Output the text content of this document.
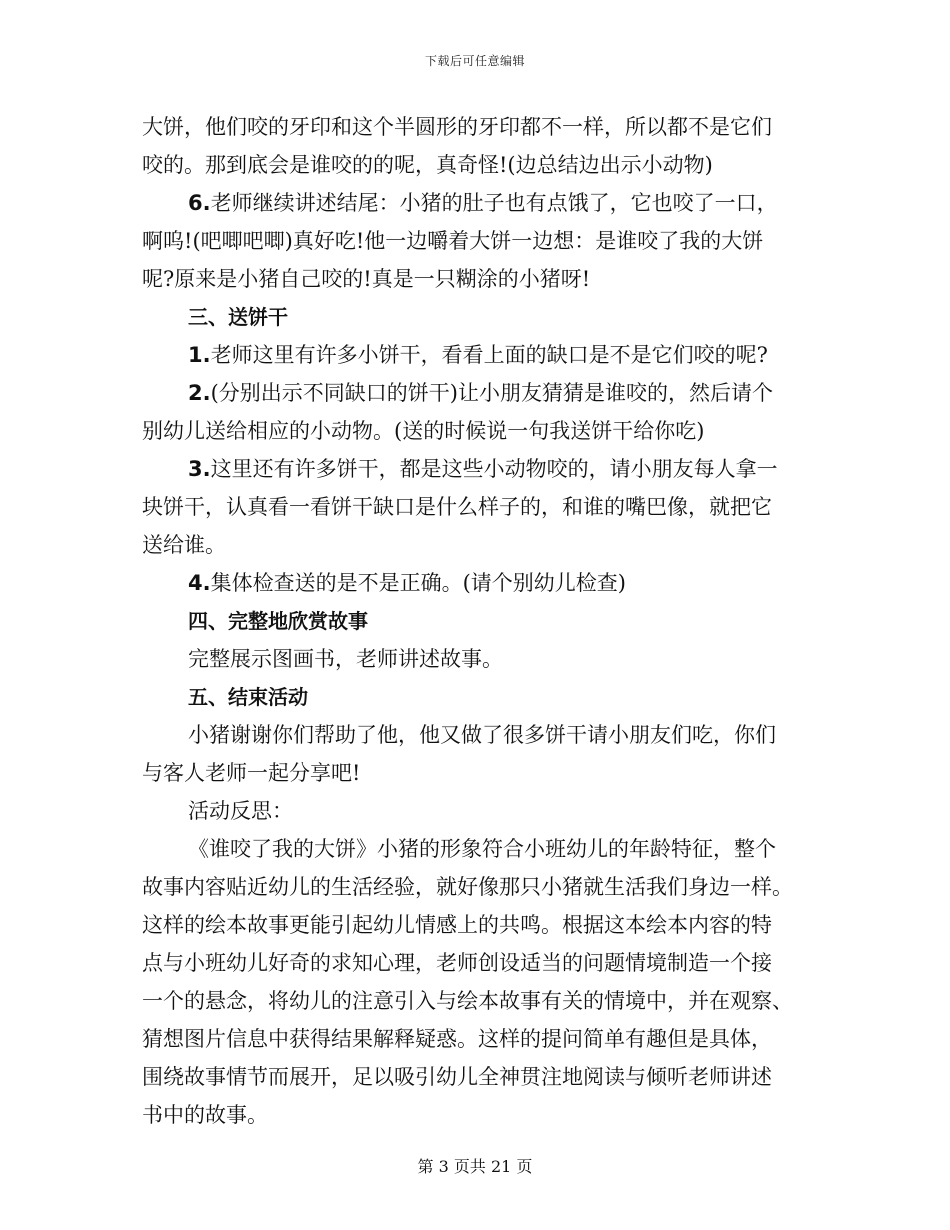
下载后可任意编辑
大饼，他们咬的牙印和这个半圆形的牙印都不一样，所以都不是它们
咬的。那到底会是谁咬的的呢，真奇怪!(边总结边出示小动物)
6.老师继续讲述结尾：小猪的肚子也有点饿了，它也咬了一口，
啊呜!(吧唧吧唧)真好吃!他一边嚼着大饼一边想：是谁咬了我的大饼
呢?原来是小猪自己咬的!真是一只糊涂的小猪呀!
三、送饼干
1.老师这里有许多小饼干，看看上面的缺口是不是它们咬的呢?
2.(分别出示不同缺口的饼干)让小朋友猜猜是谁咬的，然后请个
别幼儿送给相应的小动物。(送的时候说一句我送饼干给你吃)
3.这里还有许多饼干，都是这些小动物咬的，请小朋友每人拿一
块饼干，认真看一看饼干缺口是什么样子的，和谁的嘴巴像，就把它
送给谁。
4.集体检查送的是不是正确。(请个别幼儿检查)
四、完整地欣赏故事
完整展示图画书，老师讲述故事。
五、结束活动
小猪谢谢你们帮助了他，他又做了很多饼干请小朋友们吃，你们
与客人老师一起分享吧!
活动反思：
《谁咬了我的大饼》小猪的形象符合小班幼儿的年龄特征，整个
故事内容贴近幼儿的生活经验，就好像那只小猪就生活我们身边一样。
这样的绘本故事更能引起幼儿情感上的共鸣。根据这本绘本内容的特
点与小班幼儿好奇的求知心理，老师创设适当的问题情境制造一个接
一个的悬念，将幼儿的注意引入与绘本故事有关的情境中，并在观察、
猜想图片信息中获得结果解释疑惑。这样的提问简单有趣但是具体，
围绕故事情节而展开，足以吸引幼儿全神贯注地阅读与倾听老师讲述
书中的故事。
第 3 页共 21 页
